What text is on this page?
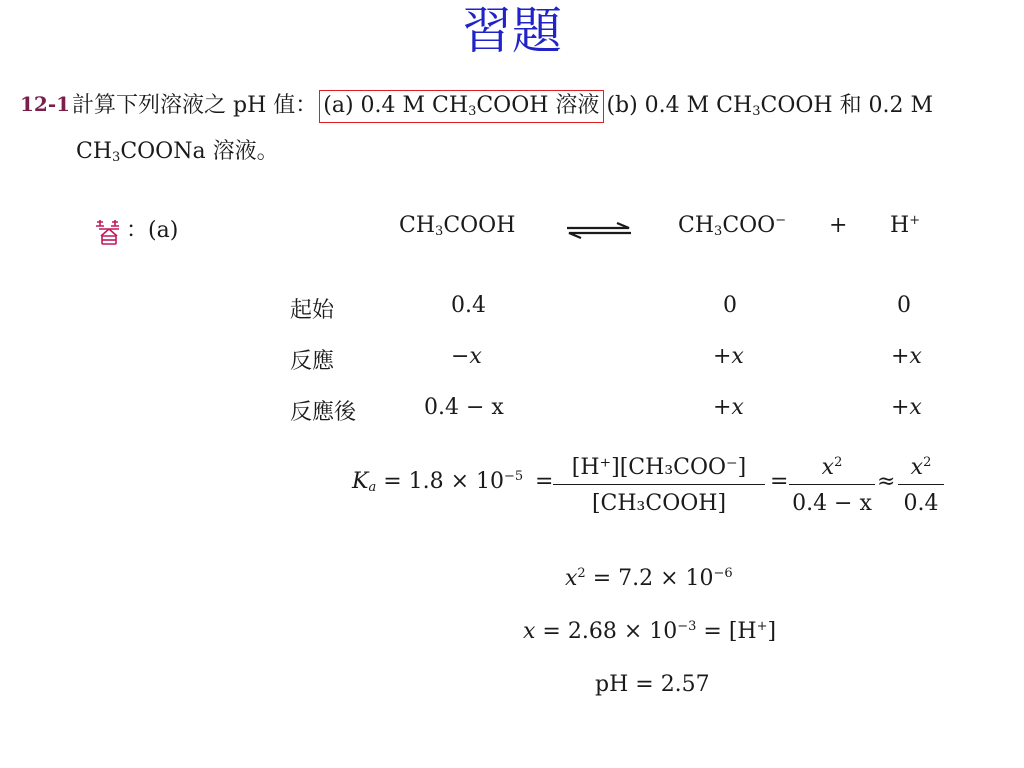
習題
12-1 計算下列溶液之 pH 值： (a) 0.4 M $CH_3COOH$ 溶液 (b) 0.4 M $CH_3COOH$ 和 0.2 M
$CH_3COONa$ 溶液。
：(a)	$CH_3COOH$	$CH_3COO^- + H^+$
起始	0.4	0	0
反應	−x	+x	+x
反應後	0.4 − x	+x	+x
$K_a = 1.8 \times 10^{-5}$ =
[H⁺][CH₃COO⁻]
[CH₃COOH]
=
$x^2$
0.4 − x
≈
$x^2$
0.4
$x^2 = 7.2 \times 10^{-6}$
$x = 2.68 \times 10^{-3} = [H^+]$
pH = 2.57
